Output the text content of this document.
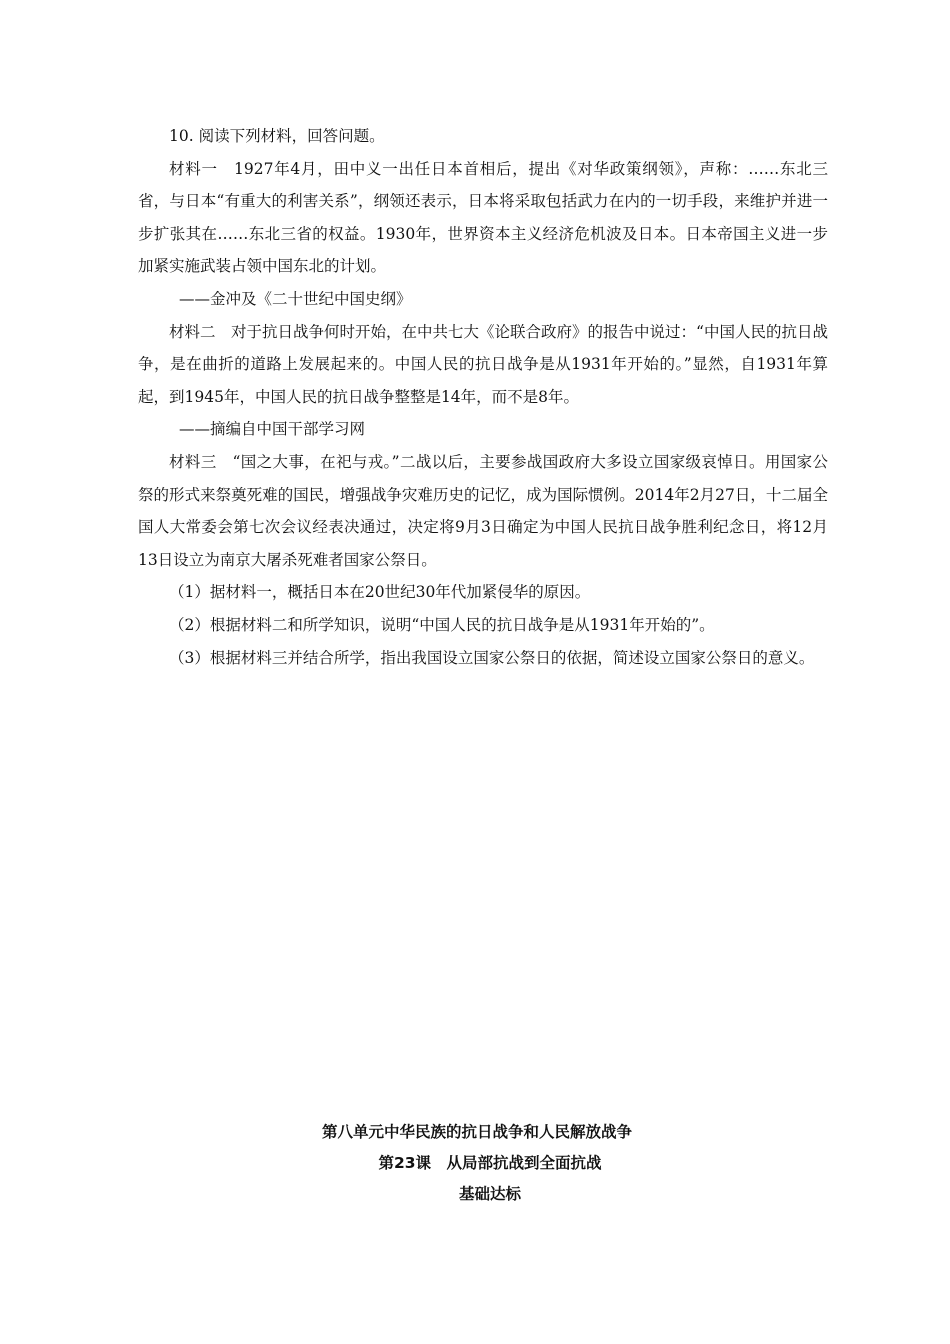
10. 阅读下列材料，回答问题。

材料一　1927年4月，田中义一出任日本首相后，提出《对华政策纲领》，声称：……东北三省，与日本“有重大的利害关系”，纲领还表示，日本将采取包括武力在内的一切手段，来维护并进一步扩张其在……东北三省的权益。1930年，世界资本主义经济危机波及日本。日本帝国主义进一步加紧实施武装占领中国东北的计划。

——金冲及《二十世纪中国史纲》

材料二　对于抗日战争何时开始，在中共七大《论联合政府》的报告中说过：“中国人民的抗日战争，是在曲折的道路上发展起来的。中国人民的抗日战争是从1931年开始的。”显然，自1931年算起，到1945年，中国人民的抗日战争整整是14年，而不是8年。

——摘编自中国干部学习网

材料三　“国之大事，在祀与戎。”二战以后，主要参战国政府大多设立国家级哀悼日。用国家公祭的形式来祭奠死难的国民，增强战争灾难历史的记忆，成为国际惯例。2014年2月27日，十二届全国人大常委会第七次会议经表决通过，决定将9月3日确定为中国人民抗日战争胜利纪念日，将12月13日设立为南京大屠杀死难者国家公祭日。

（1）据材料一，概括日本在20世纪30年代加紧侵华的原因。

（2）根据材料二和所学知识，说明“中国人民的抗日战争是从1931年开始的”。

（3）根据材料三并结合所学，指出我国设立国家公祭日的依据，简述设立国家公祭日的意义。

第八单元中华民族的抗日战争和人民解放战争

第23课　从局部抗战到全面抗战

基础达标
